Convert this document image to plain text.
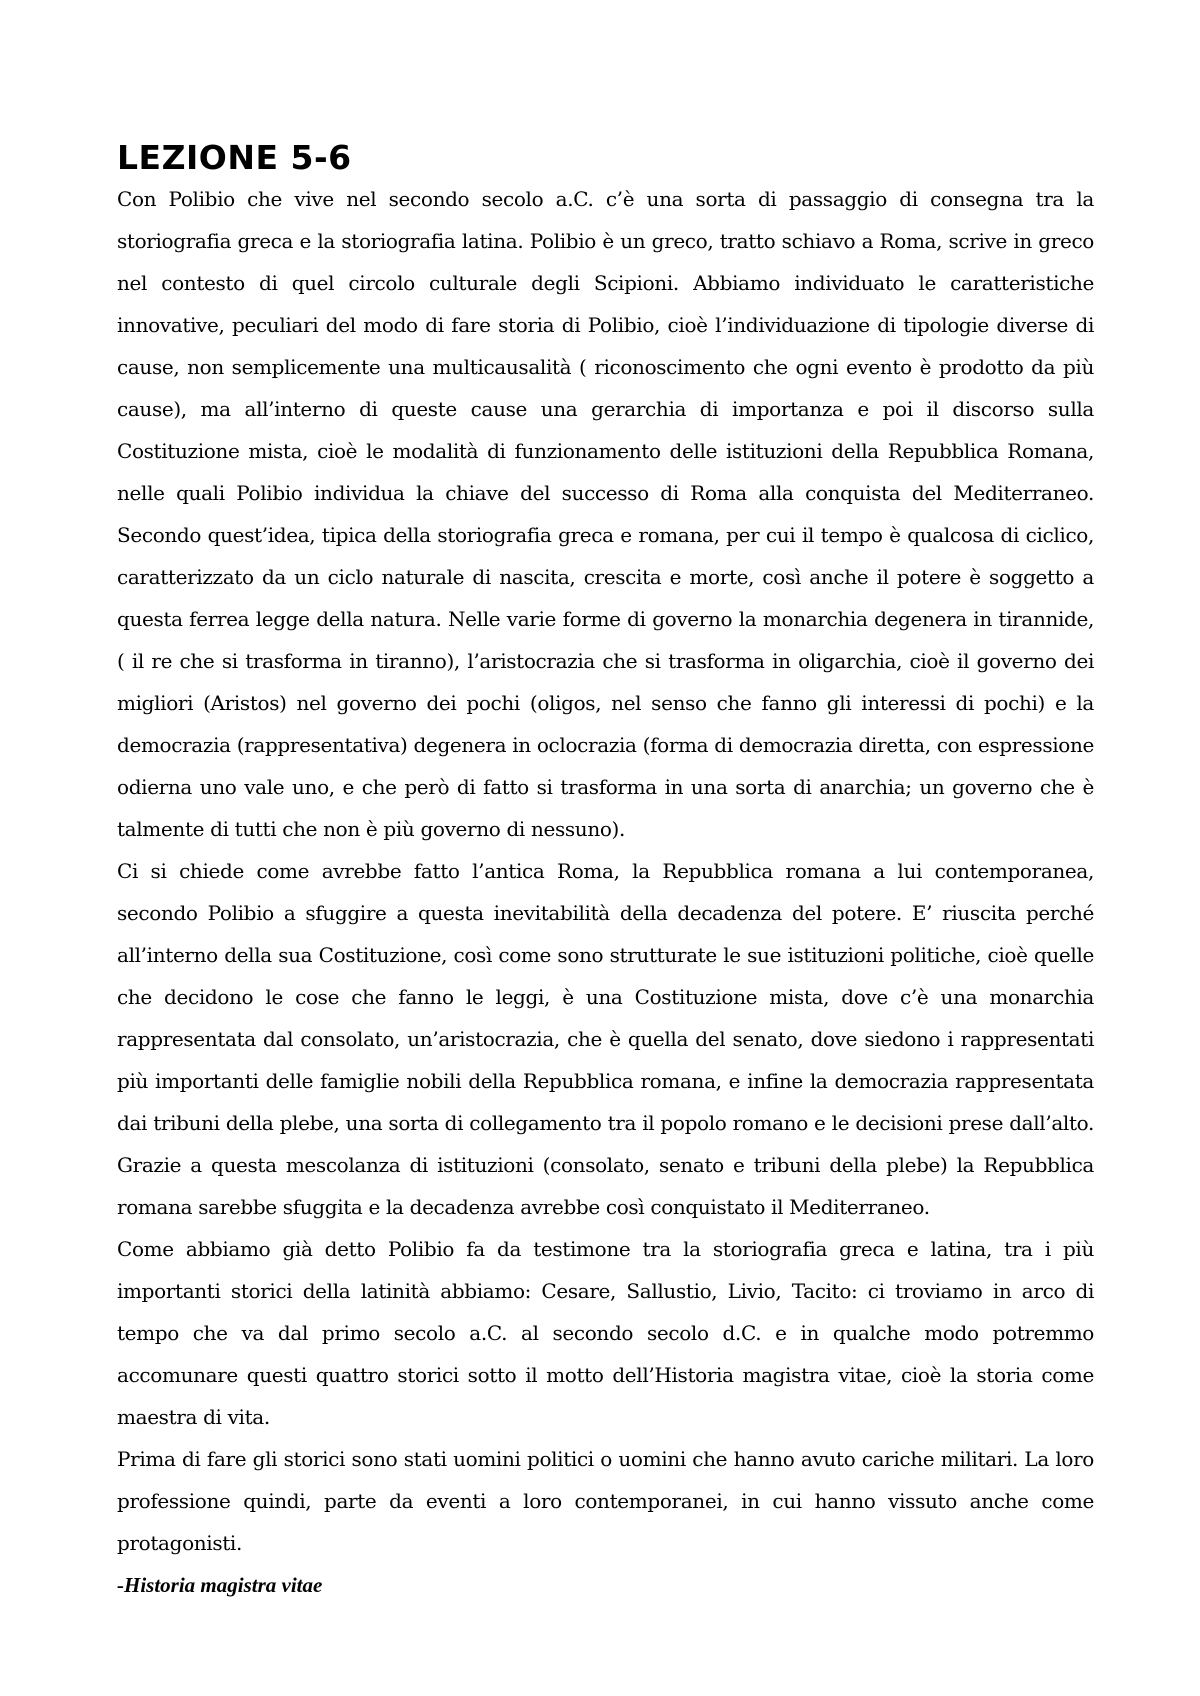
LEZIONE 5-6

Con Polibio che vive nel secondo secolo a.C. c’è una sorta di passaggio di consegna tra la storiografia greca e la storiografia latina. Polibio è un greco, tratto schiavo a Roma, scrive in greco nel contesto di quel circolo culturale degli Scipioni. Abbiamo individuato le caratteristiche innovative, peculiari del modo di fare storia di Polibio, cioè l’individuazione di tipologie diverse di cause, non semplicemente una multicausalità ( riconoscimento che ogni evento è prodotto da più cause), ma all’interno di queste cause una gerarchia di importanza e poi il discorso sulla Costituzione mista, cioè le modalità di funzionamento delle istituzioni della Repubblica Romana, nelle quali Polibio individua la chiave del successo di Roma alla conquista del Mediterraneo. Secondo quest’idea, tipica della storiografia greca e romana, per cui il tempo è qualcosa di ciclico, caratterizzato da un ciclo naturale di nascita, crescita e morte, così anche il potere è soggetto a questa ferrea legge della natura. Nelle varie forme di governo la monarchia degenera in tirannide, ( il re che si trasforma in tiranno), l’aristocrazia che si trasforma in oligarchia, cioè il governo dei migliori (Aristos) nel governo dei pochi (oligos, nel senso che fanno gli interessi di pochi) e la democrazia (rappresentativa) degenera in oclocrazia (forma di democrazia diretta, con espressione odierna uno vale uno, e che però di fatto si trasforma in una sorta di anarchia; un governo che è talmente di tutti che non è più governo di nessuno).

Ci si chiede come avrebbe fatto l’antica Roma, la Repubblica romana a lui contemporanea, secondo Polibio a sfuggire a questa inevitabilità della decadenza del potere. E’ riuscita perché all’interno della sua Costituzione, così come sono strutturate le sue istituzioni politiche, cioè quelle che decidono le cose che fanno le leggi, è una Costituzione mista, dove c’è una monarchia rappresentata dal consolato, un’aristocrazia, che è quella del senato, dove siedono i rappresentati più importanti delle famiglie nobili della Repubblica romana, e infine la democrazia rappresentata dai tribuni della plebe, una sorta di collegamento tra il popolo romano e le decisioni prese dall’alto. Grazie a questa mescolanza di istituzioni (consolato, senato e tribuni della plebe) la Repubblica romana sarebbe sfuggita e la decadenza avrebbe così conquistato il Mediterraneo.

Come abbiamo già detto Polibio fa da testimone tra la storiografia greca e latina, tra i più importanti storici della latinità abbiamo: Cesare, Sallustio, Livio, Tacito: ci troviamo in arco di tempo che va dal primo secolo a.C. al secondo secolo d.C. e in qualche modo potremmo accomunare questi quattro storici sotto il motto dell’Historia magistra vitae, cioè la storia come maestra di vita.

Prima di fare gli storici sono stati uomini politici o uomini che hanno avuto cariche militari. La loro professione quindi, parte da eventi a loro contemporanei, in cui hanno vissuto anche come protagonisti.

-Historia magistra vitae
